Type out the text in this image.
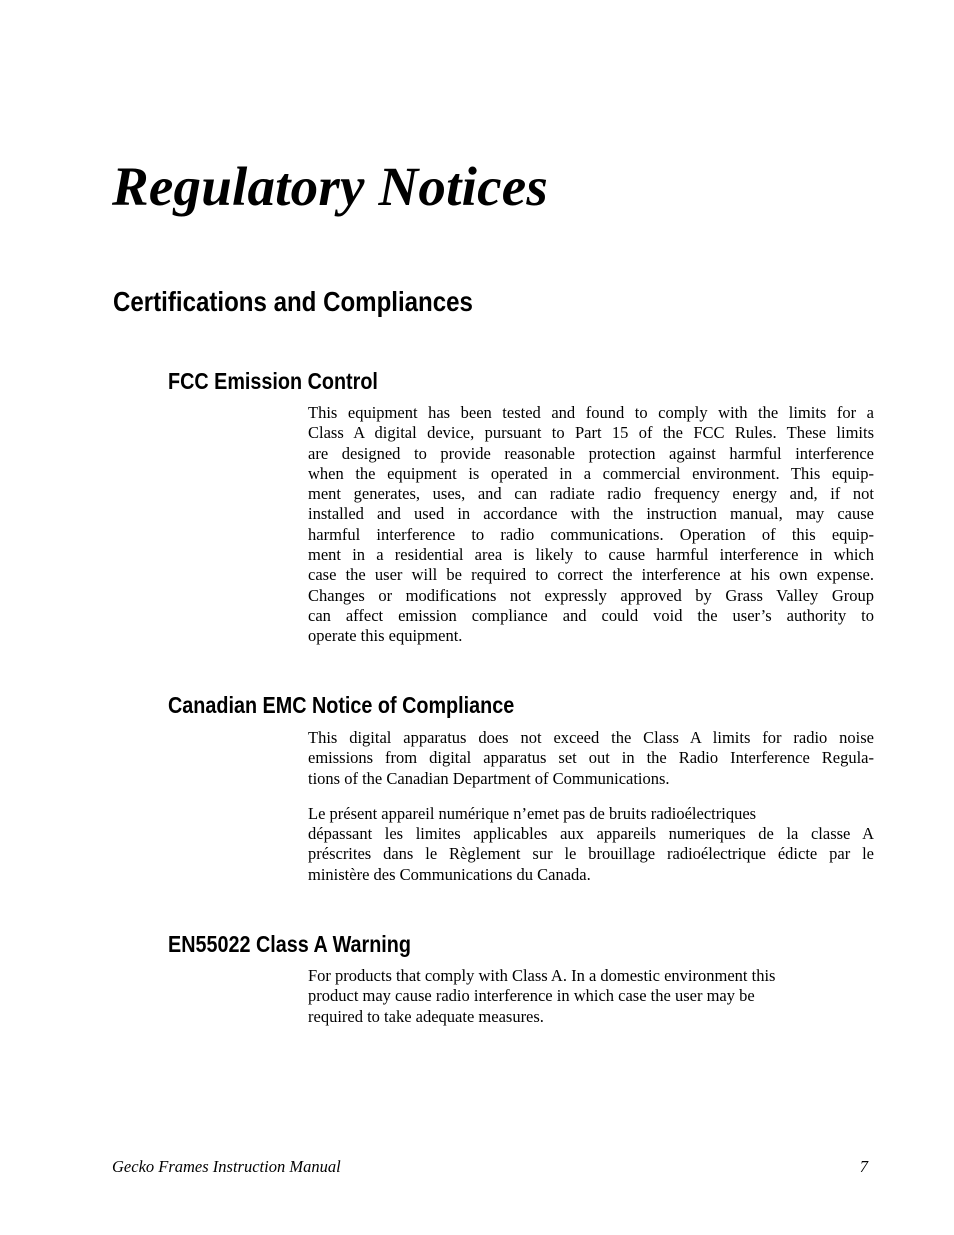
Regulatory Notices
Certifications and Compliances
FCC Emission Control
This equipment has been tested and found to comply with the limits for a
Class A digital device, pursuant to Part 15 of the FCC Rules. These limits
are designed to provide reasonable protection against harmful interference
when the equipment is operated in a commercial environment. This equip-
ment generates, uses, and can radiate radio frequency energy and, if not
installed and used in accordance with the instruction manual, may cause
harmful interference to radio communications. Operation of this equip-
ment in a residential area is likely to cause harmful interference in which
case the user will be required to correct the interference at his own expense.
Changes or modifications not expressly approved by Grass Valley Group
can affect emission compliance and could void the user’s authority to
operate this equipment.
Canadian EMC Notice of Compliance
This digital apparatus does not exceed the Class A limits for radio noise
emissions from digital apparatus set out in the Radio Interference Regula-
tions of the Canadian Department of Communications.
Le présent appareil numérique n’emet pas de bruits radioélectriques
dépassant les limites applicables aux appareils numeriques de la classe A
préscrites dans le Règlement sur le brouillage radioélectrique édicte par le
ministère des Communications du Canada.
EN55022 Class A Warning
For products that comply with Class A. In a domestic environment this
product may cause radio interference in which case the user may be
required to take adequate measures.
Gecko Frames Instruction Manual	7
